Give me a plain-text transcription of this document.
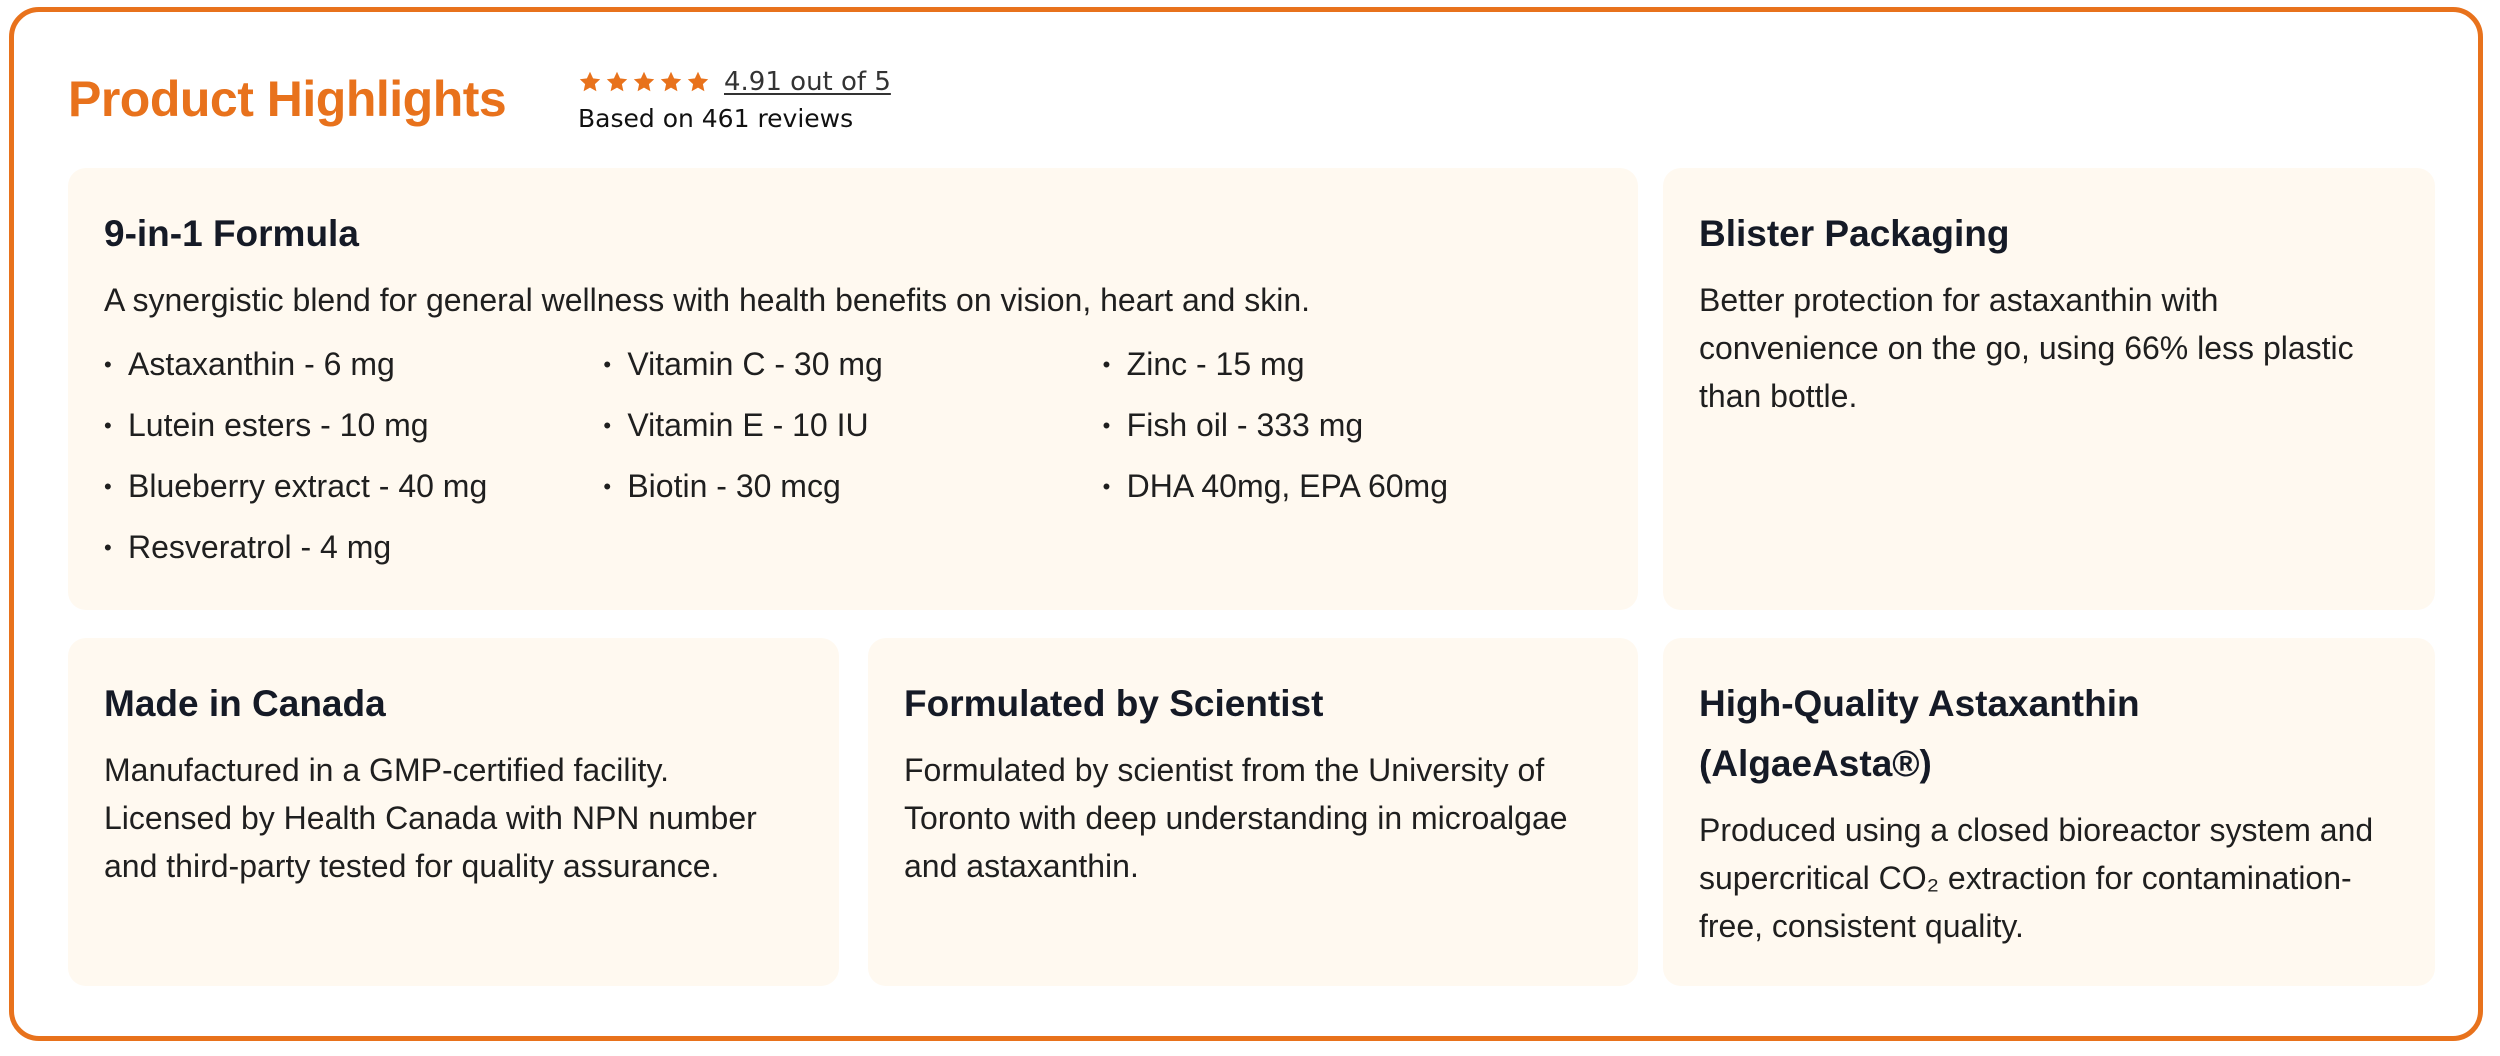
Product Highlights	4.91 out of 5
Based on 461 reviews
9-in-1 Formula

A synergistic blend for general wellness with health benefits on vision, heart and skin.

• Astaxanthin - 6 mg
• Lutein esters - 10 mg
• Blueberry extract - 40 mg
• Resveratrol - 4 mg
• Vitamin C - 30 mg
• Vitamin E - 10 IU
• Biotin - 30 mcg
• Zinc - 15 mg
• Fish oil - 333 mg
• DHA 40mg, EPA 60mg
Blister Packaging

Better protection for astaxanthin with convenience on the go, using 66% less plastic than bottle.

Made in Canada

Manufactured in a GMP-certified facility. Licensed by Health Canada with NPN number and third-party tested for quality assurance.

Formulated by Scientist

Formulated by scientist from the University of Toronto with deep understanding in microalgae and astaxanthin.

High-Quality Astaxanthin
(AlgaeAsta®)

Produced using a closed bioreactor system and supercritical CO₂ extraction for contamination-free, consistent quality.
